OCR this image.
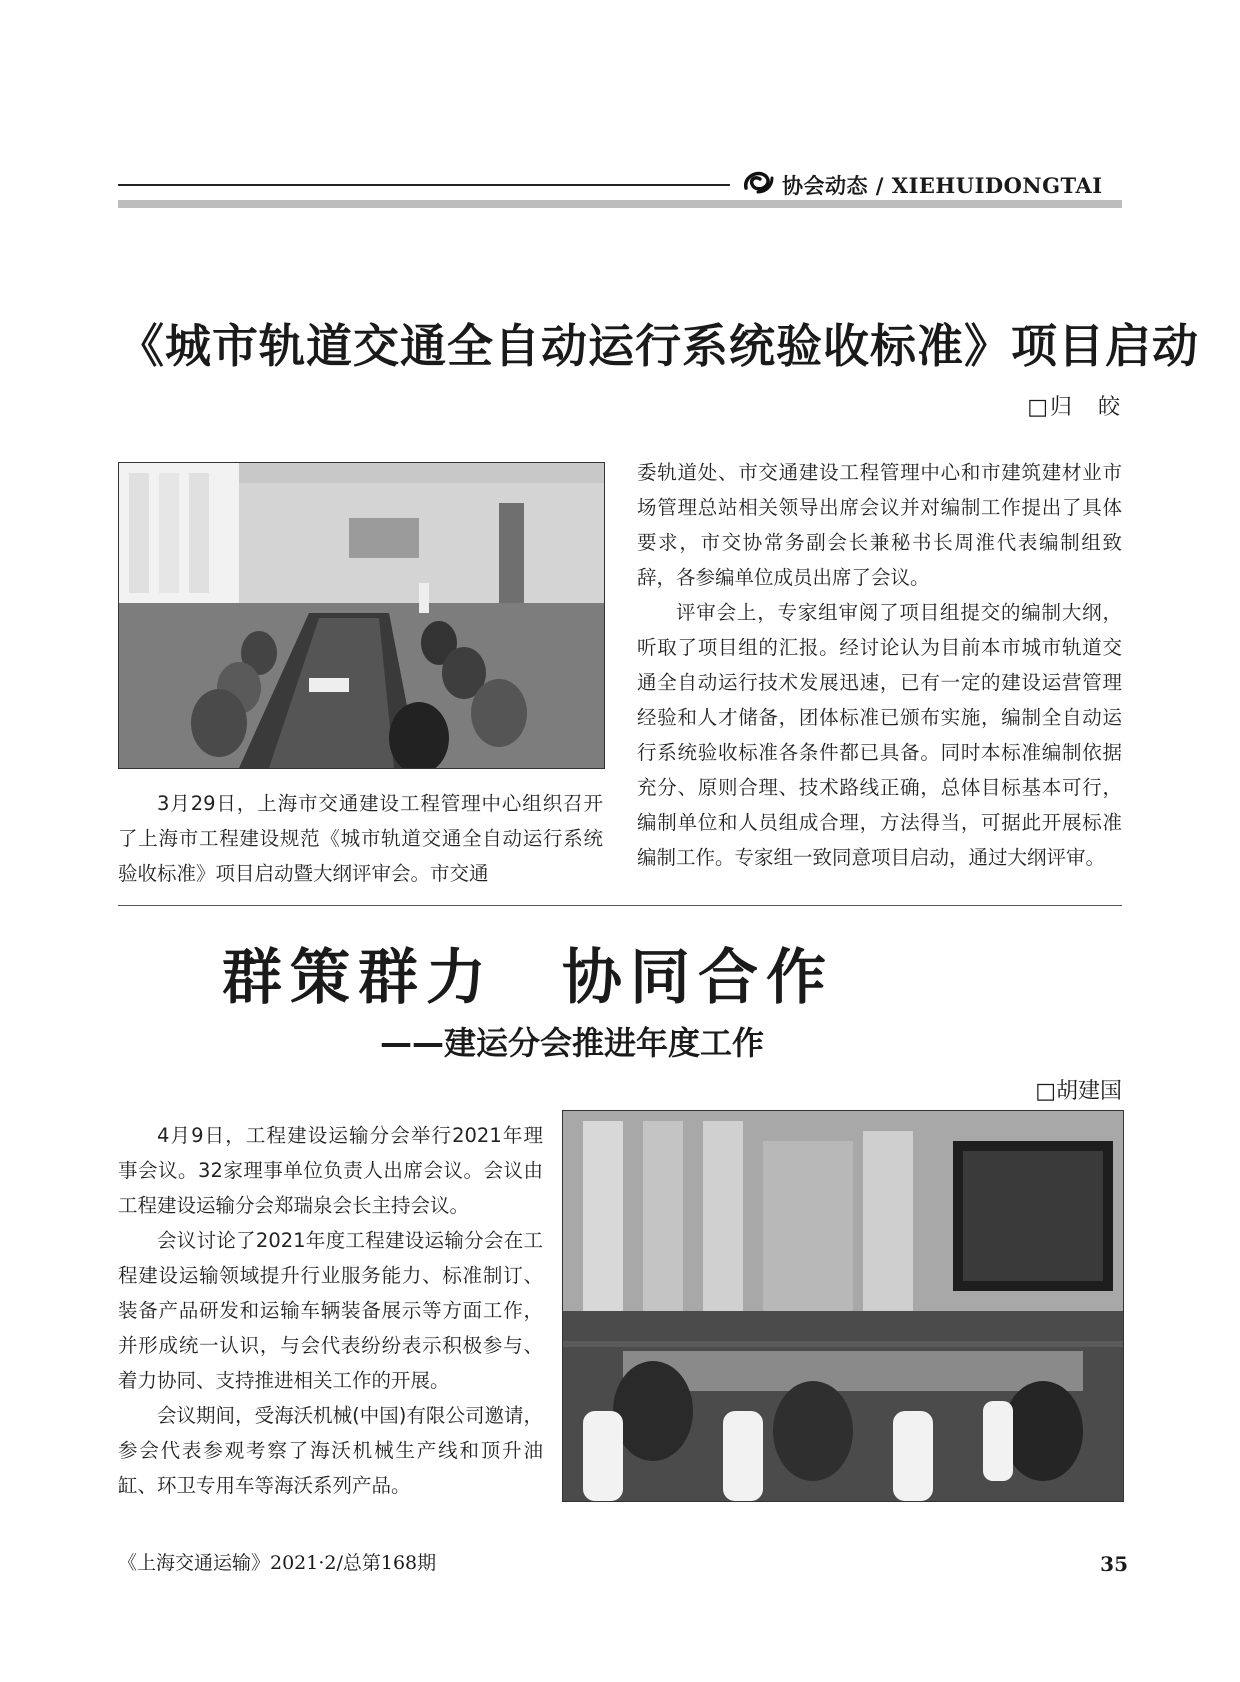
协会动态 / XIEHUIDONGTAI
《城市轨道交通全自动运行系统验收标准》项目启动
□归　皎

3月29日，上海市交通建设工程管理中心组织召开了上海市工程建设规范《城市轨道交通全自动运行系统验收标准》项目启动暨大纲评审会。市交通

委轨道处、市交通建设工程管理中心和市建筑建材业市场管理总站相关领导出席会议并对编制工作提出了具体要求，市交协常务副会长兼秘书长周淮代表编制组致辞，各参编单位成员出席了会议。

评审会上，专家组审阅了项目组提交的编制大纲，听取了项目组的汇报。经讨论认为目前本市城市轨道交通全自动运行技术发展迅速，已有一定的建设运营管理经验和人才储备，团体标准已颁布实施，编制全自动运行系统验收标准各条件都已具备。同时本标准编制依据充分、原则合理、技术路线正确，总体目标基本可行，编制单位和人员组成合理，方法得当，可据此开展标准编制工作。专家组一致同意项目启动，通过大纲评审。

群策群力　协同合作
——建运分会推进年度工作
□胡建国

4月9日，工程建设运输分会举行2021年理事会议。32家理事单位负责人出席会议。会议由工程建设运输分会郑瑞泉会长主持会议。

会议讨论了2021年度工程建设运输分会在工程建设运输领域提升行业服务能力、标准制订、装备产品研发和运输车辆装备展示等方面工作，并形成统一认识，与会代表纷纷表示积极参与、着力协同、支持推进相关工作的开展。

会议期间，受海沃机械(中国)有限公司邀请，参会代表参观考察了海沃机械生产线和顶升油缸、环卫专用车等海沃系列产品。

《上海交通运输》2021·2/总第168期	35
